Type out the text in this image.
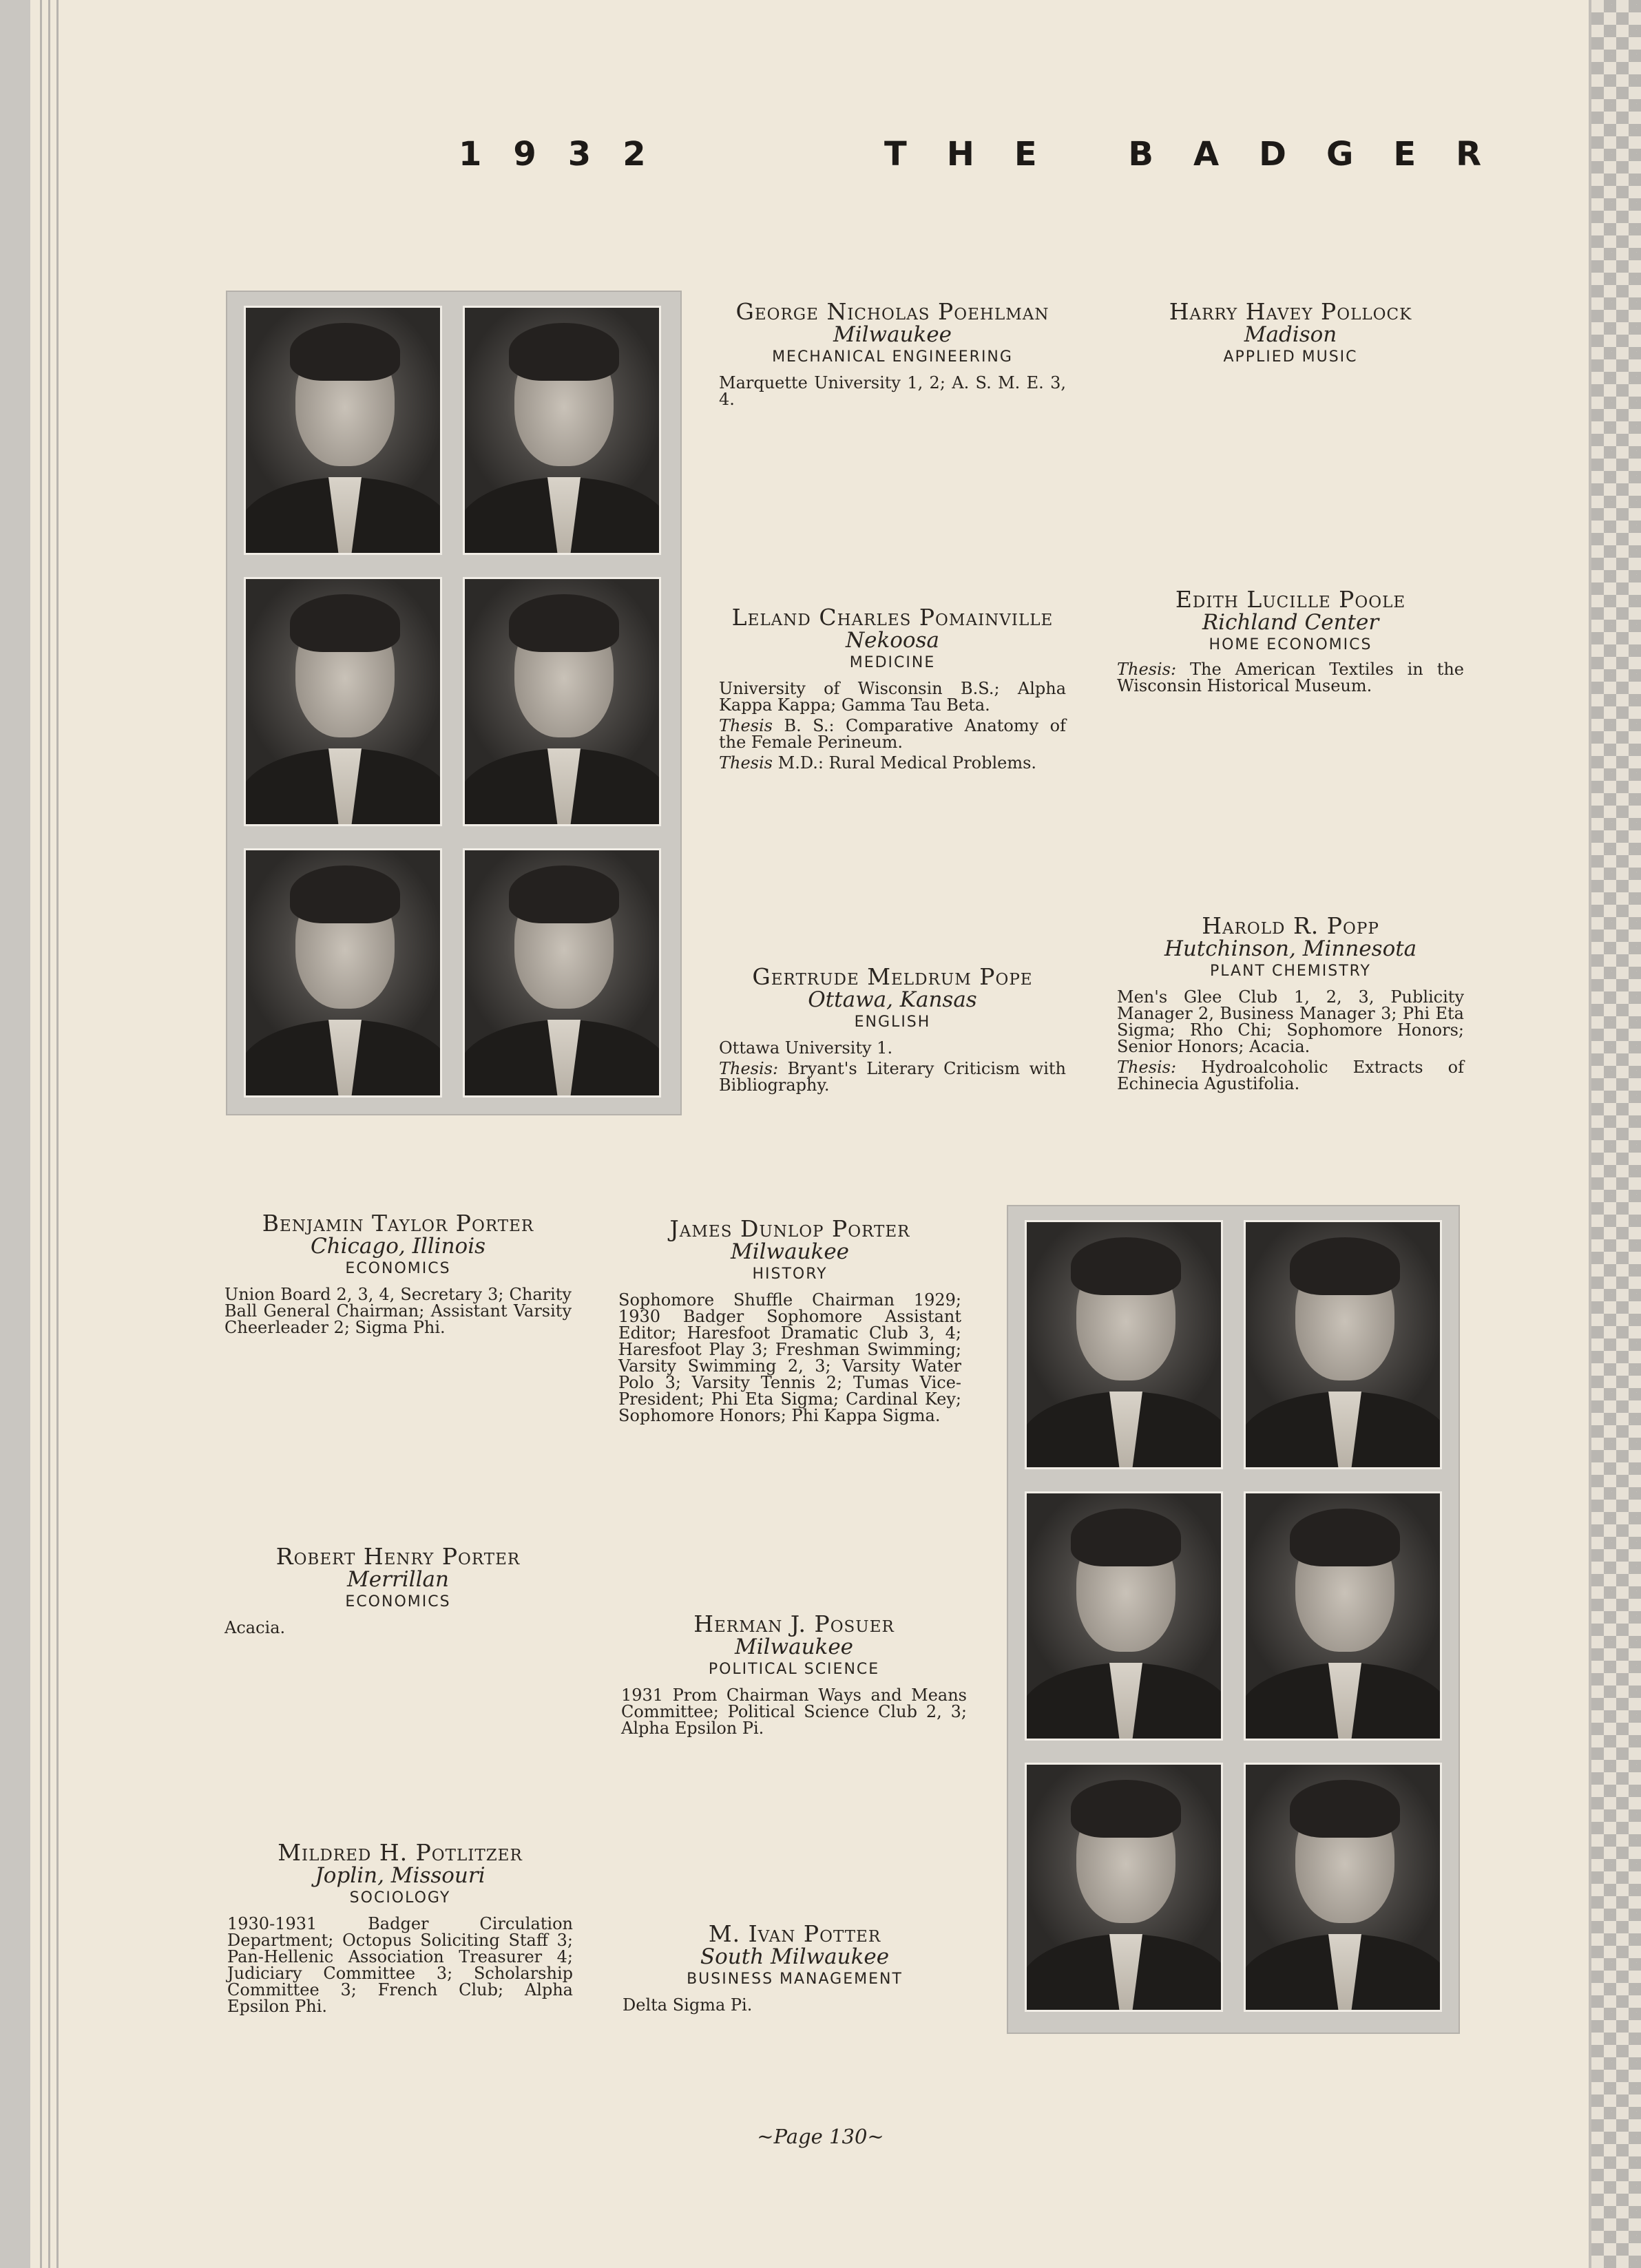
1932	THE BADGER
George Nicholas Poehlman
Milwaukee
MECHANICAL ENGINEERING
Marquette University 1, 2; A. S. M. E. 3, 4.
Harry Havey Pollock
Madison
APPLIED MUSIC
Leland Charles Pomainville
Nekoosa
MEDICINE
University of Wisconsin B.S.; Alpha Kappa Kappa; Gamma Tau Beta.
Thesis B. S.: Comparative Anatomy of the Female Perineum.
Thesis M.D.: Rural Medical Problems.
Edith Lucille Poole
Richland Center
HOME ECONOMICS
Thesis: The American Textiles in the Wisconsin Historical Museum.
Gertrude Meldrum Pope
Ottawa, Kansas
ENGLISH
Ottawa University 1.
Thesis: Bryant's Literary Criticism with Bibliography.
Harold R. Popp
Hutchinson, Minnesota
PLANT CHEMISTRY
Men's Glee Club 1, 2, 3, Publicity Manager 2, Business Manager 3; Phi Eta Sigma; Rho Chi; Sophomore Honors; Senior Honors; Acacia.
Thesis: Hydroalcoholic Extracts of Echinecia Agustifolia.
Benjamin Taylor Porter
Chicago, Illinois
ECONOMICS
Union Board 2, 3, 4, Secretary 3; Charity Ball General Chairman; Assistant Varsity Cheerleader 2; Sigma Phi.
James Dunlop Porter
Milwaukee
HISTORY
Sophomore Shuffle Chairman 1929; 1930 Badger Sophomore Assistant Editor; Haresfoot Dramatic Club 3, 4; Haresfoot Play 3; Freshman Swimming; Varsity Swimming 2, 3; Varsity Water Polo 3; Varsity Tennis 2; Tumas Vice-President; Phi Eta Sigma; Cardinal Key; Sophomore Honors; Phi Kappa Sigma.
Robert Henry Porter
Merrillan
ECONOMICS
Acacia.	Herman J. Posuer
Milwaukee
POLITICAL SCIENCE
1931 Prom Chairman Ways and Means Committee; Political Science Club 2, 3; Alpha Epsilon Pi.
Mildred H. Potlitzer
Joplin, Missouri
SOCIOLOGY
1930-1931 Badger Circulation Department; Octopus Soliciting Staff 3; Pan-Hellenic Association Treasurer 4; Judiciary Committee 3; Scholarship Committee 3; French Club; Alpha Epsilon Phi.
M. Ivan Potter
South Milwaukee
BUSINESS MANAGEMENT
Delta Sigma Pi.
~Page 130~
